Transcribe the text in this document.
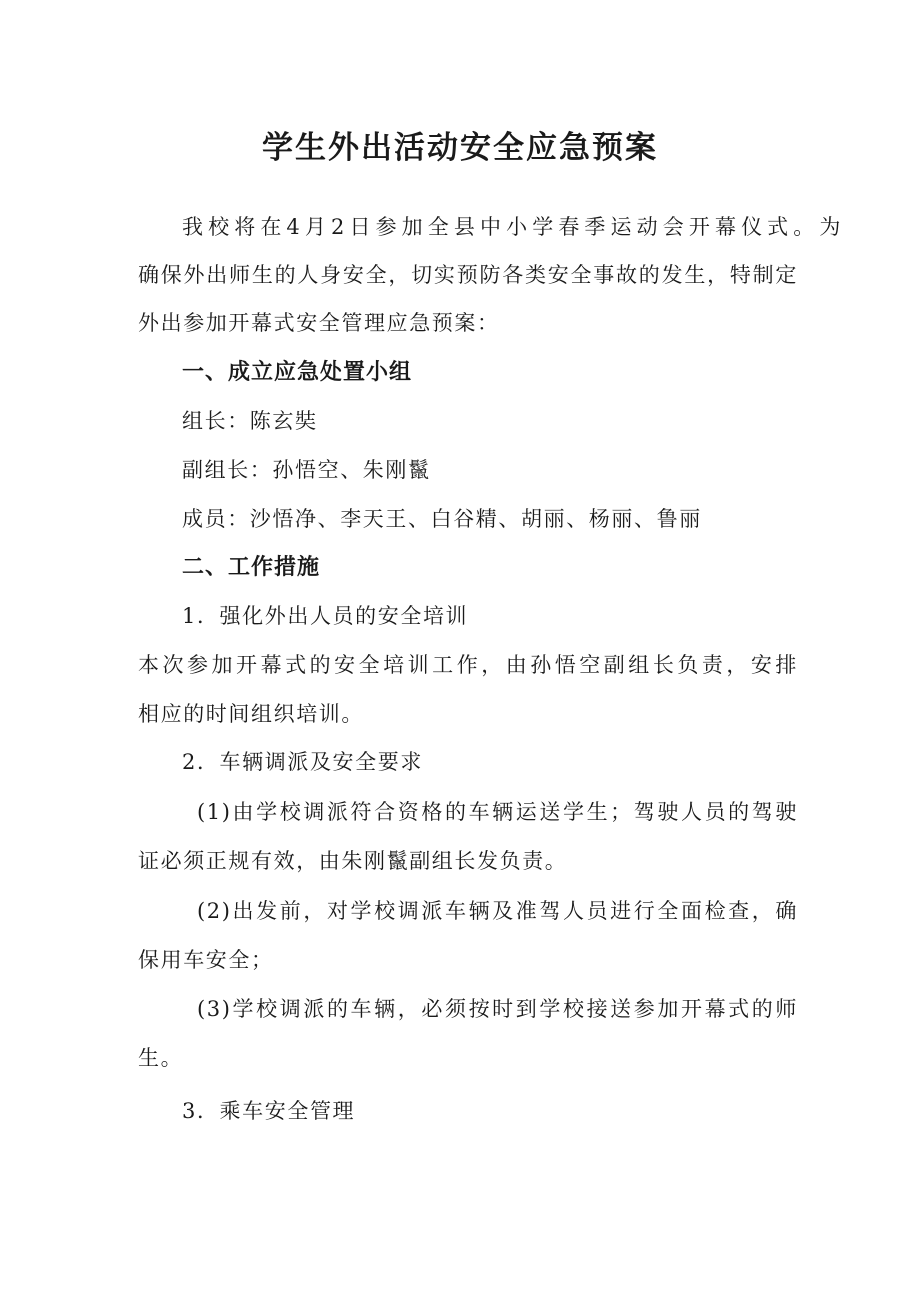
学生外出活动安全应急预案
我校将在4月2日参加全县中小学春季运动会开幕仪式。为
确保外出师生的人身安全，切实预防各类安全事故的发生，特制定
外出参加开幕式安全管理应急预案：
一、成立应急处置小组
组长：陈玄奘
副组长：孙悟空、朱刚鬣
成员：沙悟净、李天王、白谷精、胡丽、杨丽、鲁丽
二、工作措施
1．强化外出人员的安全培训
本次参加开幕式的安全培训工作，由孙悟空副组长负责，安排
相应的时间组织培训。
2．车辆调派及安全要求
(1)由学校调派符合资格的车辆运送学生；驾驶人员的驾驶
证必须正规有效，由朱刚鬣副组长发负责。
(2)出发前，对学校调派车辆及准驾人员进行全面检查，确
保用车安全；
(3)学校调派的车辆，必须按时到学校接送参加开幕式的师
生。
3．乘车安全管理
